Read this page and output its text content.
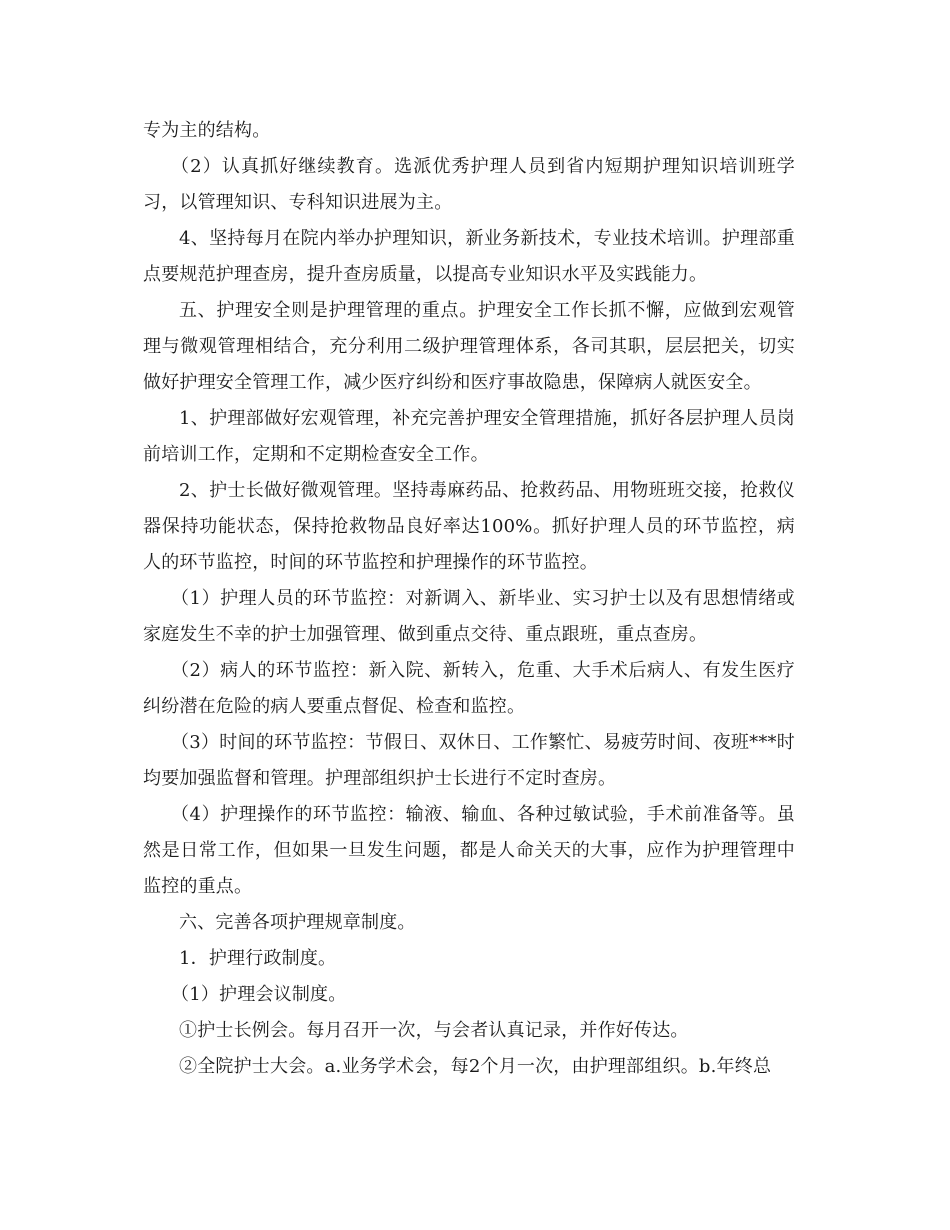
专为主的结构。

（2）认真抓好继续教育。选派优秀护理人员到省内短期护理知识培训班学习，以管理知识、专科知识进展为主。

4、坚持每月在院内举办护理知识，新业务新技术，专业技术培训。护理部重点要规范护理查房，提升查房质量，以提高专业知识水平及实践能力。

五、护理安全则是护理管理的重点。护理安全工作长抓不懈，应做到宏观管理与微观管理相结合，充分利用二级护理管理体系，各司其职，层层把关，切实做好护理安全管理工作，减少医疗纠纷和医疗事故隐患，保障病人就医安全。

1、护理部做好宏观管理，补充完善护理安全管理措施，抓好各层护理人员岗前培训工作，定期和不定期检查安全工作。

2、护士长做好微观管理。坚持毒麻药品、抢救药品、用物班班交接，抢救仪器保持功能状态，保持抢救物品良好率达100%。抓好护理人员的环节监控，病人的环节监控，时间的环节监控和护理操作的环节监控。

（1）护理人员的环节监控：对新调入、新毕业、实习护士以及有思想情绪或家庭发生不幸的护士加强管理、做到重点交待、重点跟班，重点查房。

（2）病人的环节监控：新入院、新转入，危重、大手术后病人、有发生医疗纠纷潜在危险的病人要重点督促、检查和监控。

（3）时间的环节监控：节假日、双休日、工作繁忙、易疲劳时间、夜班***时均要加强监督和管理。护理部组织护士长进行不定时查房。

（4）护理操作的环节监控：输液、输血、各种过敏试验，手术前准备等。虽然是日常工作，但如果一旦发生问题，都是人命关天的大事，应作为护理管理中监控的重点。

六、完善各项护理规章制度。

1．护理行政制度。

（1）护理会议制度。

①护士长例会。每月召开一次，与会者认真记录，并作好传达。

②全院护士大会。a.业务学术会，每2个月一次，由护理部组织。b.年终总
